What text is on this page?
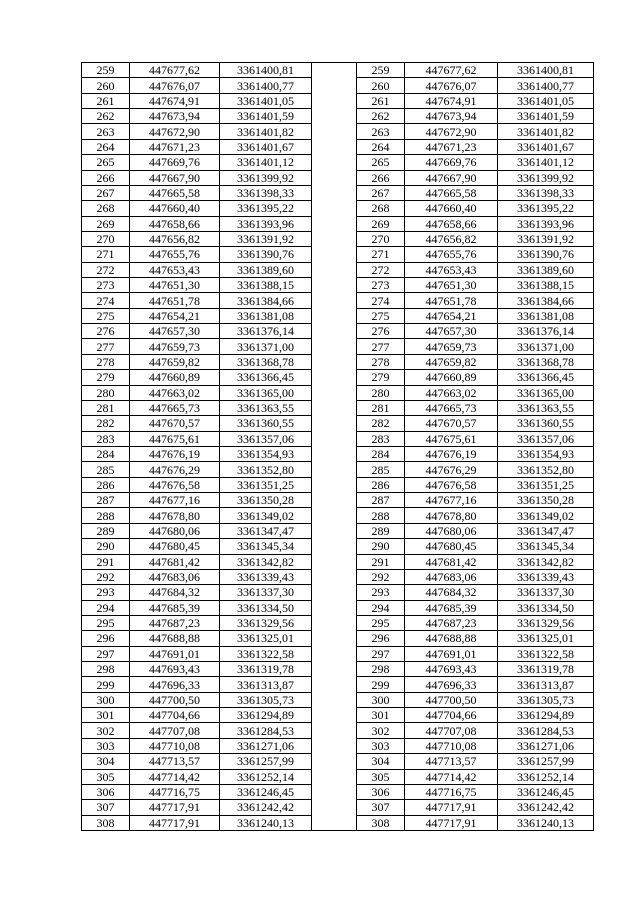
259	447677,62	3361400,81		259	447677,62	3361400,81
260	447676,07	3361400,77		260	447676,07	3361400,77
261	447674,91	3361401,05		261	447674,91	3361401,05
262	447673,94	3361401,59		262	447673,94	3361401,59
263	447672,90	3361401,82		263	447672,90	3361401,82
264	447671,23	3361401,67		264	447671,23	3361401,67
265	447669,76	3361401,12		265	447669,76	3361401,12
266	447667,90	3361399,92		266	447667,90	3361399,92
267	447665,58	3361398,33		267	447665,58	3361398,33
268	447660,40	3361395,22		268	447660,40	3361395,22
269	447658,66	3361393,96		269	447658,66	3361393,96
270	447656,82	3361391,92		270	447656,82	3361391,92
271	447655,76	3361390,76		271	447655,76	3361390,76
272	447653,43	3361389,60		272	447653,43	3361389,60
273	447651,30	3361388,15		273	447651,30	3361388,15
274	447651,78	3361384,66		274	447651,78	3361384,66
275	447654,21	3361381,08		275	447654,21	3361381,08
276	447657,30	3361376,14		276	447657,30	3361376,14
277	447659,73	3361371,00		277	447659,73	3361371,00
278	447659,82	3361368,78		278	447659,82	3361368,78
279	447660,89	3361366,45		279	447660,89	3361366,45
280	447663,02	3361365,00		280	447663,02	3361365,00
281	447665,73	3361363,55		281	447665,73	3361363,55
282	447670,57	3361360,55		282	447670,57	3361360,55
283	447675,61	3361357,06		283	447675,61	3361357,06
284	447676,19	3361354,93		284	447676,19	3361354,93
285	447676,29	3361352,80		285	447676,29	3361352,80
286	447676,58	3361351,25		286	447676,58	3361351,25
287	447677,16	3361350,28		287	447677,16	3361350,28
288	447678,80	3361349,02		288	447678,80	3361349,02
289	447680,06	3361347,47		289	447680,06	3361347,47
290	447680,45	3361345,34		290	447680,45	3361345,34
291	447681,42	3361342,82		291	447681,42	3361342,82
292	447683,06	3361339,43		292	447683,06	3361339,43
293	447684,32	3361337,30		293	447684,32	3361337,30
294	447685,39	3361334,50		294	447685,39	3361334,50
295	447687,23	3361329,56		295	447687,23	3361329,56
296	447688,88	3361325,01		296	447688,88	3361325,01
297	447691,01	3361322,58		297	447691,01	3361322,58
298	447693,43	3361319,78		298	447693,43	3361319,78
299	447696,33	3361313,87		299	447696,33	3361313,87
300	447700,50	3361305,73		300	447700,50	3361305,73
301	447704,66	3361294,89		301	447704,66	3361294,89
302	447707,08	3361284,53		302	447707,08	3361284,53
303	447710,08	3361271,06		303	447710,08	3361271,06
304	447713,57	3361257,99		304	447713,57	3361257,99
305	447714,42	3361252,14		305	447714,42	3361252,14
306	447716,75	3361246,45		306	447716,75	3361246,45
307	447717,91	3361242,42		307	447717,91	3361242,42
308	447717,91	3361240,13		308	447717,91	3361240,13
